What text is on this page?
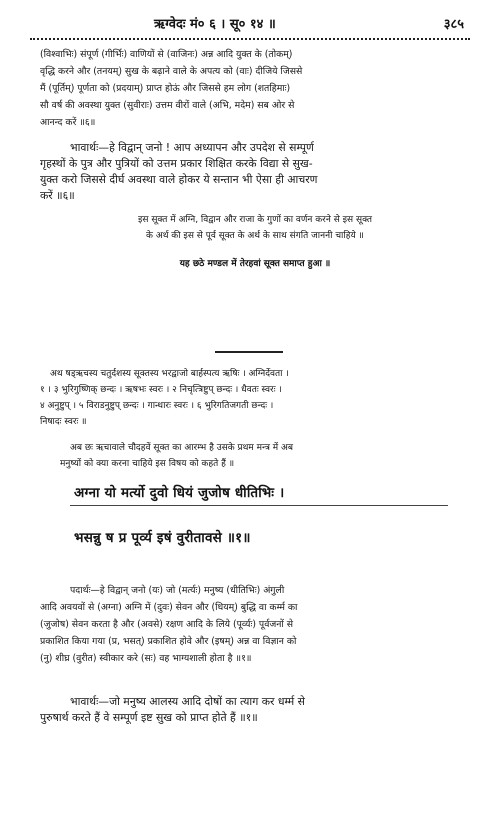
ऋग्वेदः मं० ६ । सू० १४ ॥	३८५

(विश्वाभिः) संपूर्ण (गीर्भिः) वाणियों से (वाजिनः) अन्न आदि युक्त के (तोकम्)

वृद्धि करने और (तनयम्) सुख के बढ़ाने वाले के अपत्य को (वाः) दीजिये जिससे

मैं (पूर्तिम्) पूर्णता को (प्रदयाम्) प्राप्त होऊं और जिससे हम लोग (शतहिमाः)

सौ वर्ष की अवस्था युक्त (सुवीराः) उत्तम वीरों वाले (अभि, मदेम) सब ओर से

आनन्द करें ॥६॥

भावार्थः—हे विद्वान् जनो ! आप अध्यापन और उपदेश से सम्पूर्ण

गृहस्थों के पुत्र और पुत्रियों को उत्तम प्रकार शिक्षित करके विद्या से सुख-

युक्त करो जिससे दीर्घ अवस्था वाले होकर ये सन्तान भी ऐसा ही आचरण

करें ॥६॥

इस सूक्त में अग्नि, विद्वान और राजा के गुणों का वर्णन करने से इस सूक्त

के अर्थ की इस से पूर्व सूक्त के अर्थ के साथ संगति जाननी चाहिये ॥

यह छठे मण्डल में तेरहवां सूक्त समाप्त हुआ ॥

अथ षड्ऋचस्य चतुर्दशस्य सूक्तस्य भरद्वाजो बार्हस्पत्य ऋषिः । अग्निर्देवता ।

१ । ३ भुरिगुष्णिक् छन्दः । ऋषभः स्वरः । २ निचृत्त्रिष्टुप् छन्दः । धैवतः स्वरः ।

४ अनुष्टुप् । ५ विराडनुष्टुप् छन्दः । गान्धारः स्वरः । ६ भुरिगतिजगती छन्दः ।

निषादः स्वरः ॥

अब छः ऋचावाले चौदहवें सूक्त का आरम्भ है उसके प्रथम मन्त्र में अब

मनुष्यों को क्या करना चाहिये इस विषय को कहते हैं ॥

अग्ना यो मर्त्यो दुवो धियं जुजोष धीतिभिः ।
भसन्नु ष प्र पूर्व्य इषं वुरीतावसे ॥१॥

पदार्थः—हे विद्वान् जनो (यः) जो (मर्त्यः) मनुष्य (धीतिभिः) अंगुली

आदि अवयवों से (अग्ना) अग्नि में (दुवः) सेवन और (धियम्) बुद्धि वा कर्म्म का

(जुजोष) सेवन करता है और (अवसे) रक्षण आदि के लिये (पूर्व्यः) पूर्वजनों से

प्रकाशित किया गया (प्र, भसत्) प्रकाशित होवे और (इषम्) अन्न वा विज्ञान को

(नु) शीघ्र (वुरीत) स्वीकार करे (सः) वह भाग्यशाली होता है ॥१॥

भावार्थः—जो मनुष्य आलस्य आदि दोषों का त्याग कर धर्म्म से

पुरुषार्थ करते हैं वे सम्पूर्ण इष्ट सुख को प्राप्त होते हैं ॥१॥
